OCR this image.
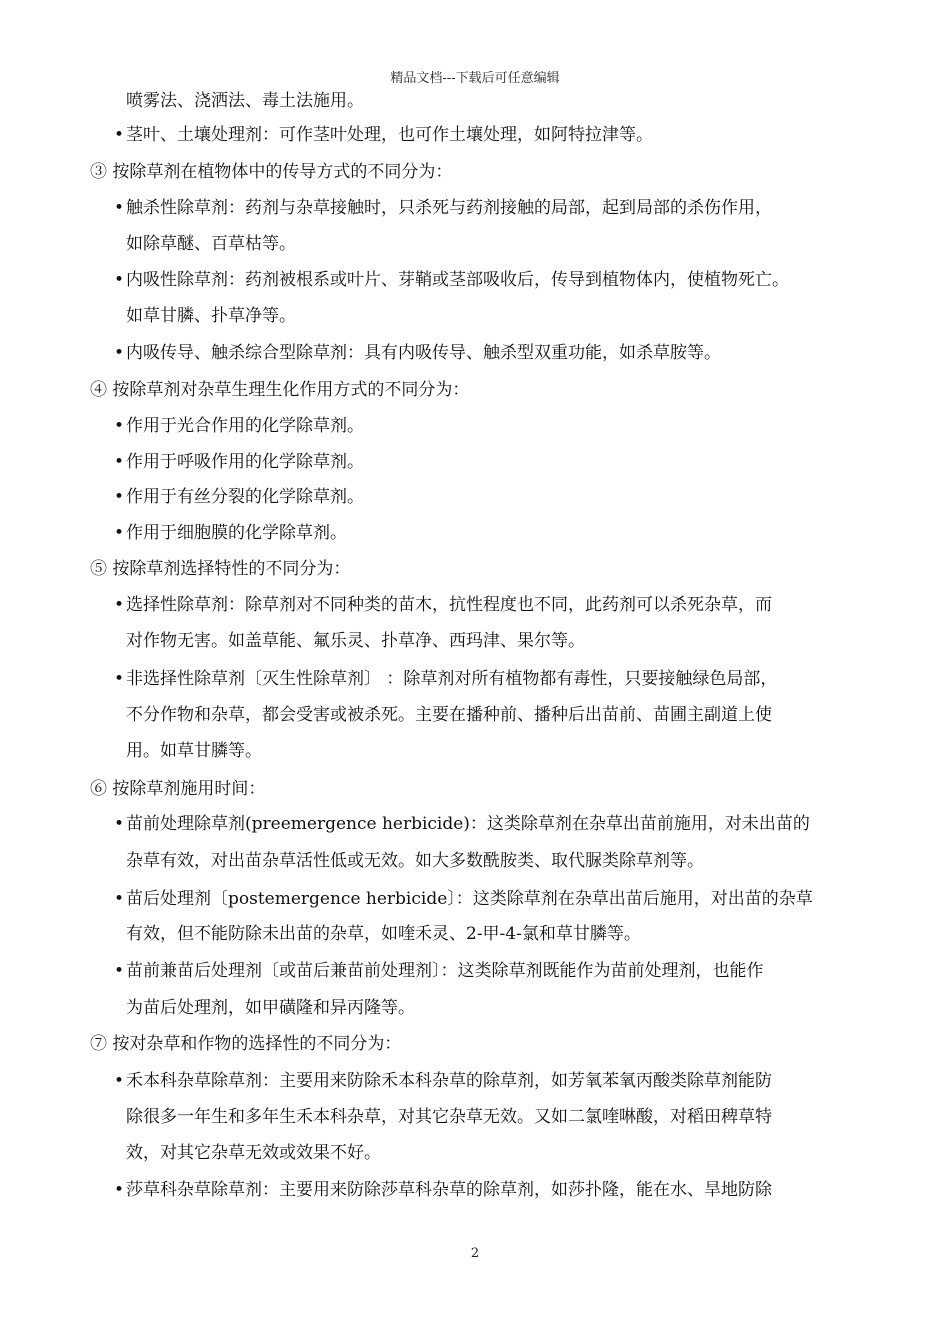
精品文档---下载后可任意编辑
喷雾法、浇洒法、毒土法施用。
• 茎叶、土壤处理剂：可作茎叶处理，也可作土壤处理，如阿特拉津等。
③ 按除草剂在植物体中的传导方式的不同分为：
• 触杀性除草剂：药剂与杂草接触时，只杀死与药剂接触的局部，起到局部的杀伤作用，
如除草醚、百草枯等。
• 内吸性除草剂：药剂被根系或叶片、芽鞘或茎部吸收后，传导到植物体内，使植物死亡。
如草甘膦、扑草净等。
• 内吸传导、触杀综合型除草剂：具有内吸传导、触杀型双重功能，如杀草胺等。
④ 按除草剂对杂草生理生化作用方式的不同分为：
• 作用于光合作用的化学除草剂。
• 作用于呼吸作用的化学除草剂。
• 作用于有丝分裂的化学除草剂。
• 作用于细胞膜的化学除草剂。
⑤ 按除草剂选择特性的不同分为：
• 选择性除草剂：除草剂对不同种类的苗木，抗性程度也不同，此药剂可以杀死杂草，而
对作物无害。如盖草能、氟乐灵、扑草净、西玛津、果尔等。
• 非选择性除草剂〔灭生性除草剂〕 ：除草剂对所有植物都有毒性，只要接触绿色局部，
不分作物和杂草，都会受害或被杀死。主要在播种前、播种后出苗前、苗圃主副道上使
用。如草甘膦等。
⑥ 按除草剂施用时间：
• 苗前处理除草剂(preemergence herbicide)：这类除草剂在杂草出苗前施用，对未出苗的
杂草有效，对出苗杂草活性低或无效。如大多数酰胺类、取代脲类除草剂等。
• 苗后处理剂〔postemergence herbicide〕：这类除草剂在杂草出苗后施用，对出苗的杂草
有效，但不能防除未出苗的杂草，如喹禾灵、2-甲-4-氯和草甘膦等。
• 苗前兼苗后处理剂〔或苗后兼苗前处理剂〕：这类除草剂既能作为苗前处理剂，也能作
为苗后处理剂，如甲磺隆和异丙隆等。
⑦ 按对杂草和作物的选择性的不同分为：
• 禾本科杂草除草剂：主要用来防除禾本科杂草的除草剂，如芳氧苯氧丙酸类除草剂能防
除很多一年生和多年生禾本科杂草，对其它杂草无效。又如二氯喹啉酸，对稻田稗草特
效，对其它杂草无效或效果不好。
• 莎草科杂草除草剂：主要用来防除莎草科杂草的除草剂，如莎扑隆，能在水、旱地防除
2
